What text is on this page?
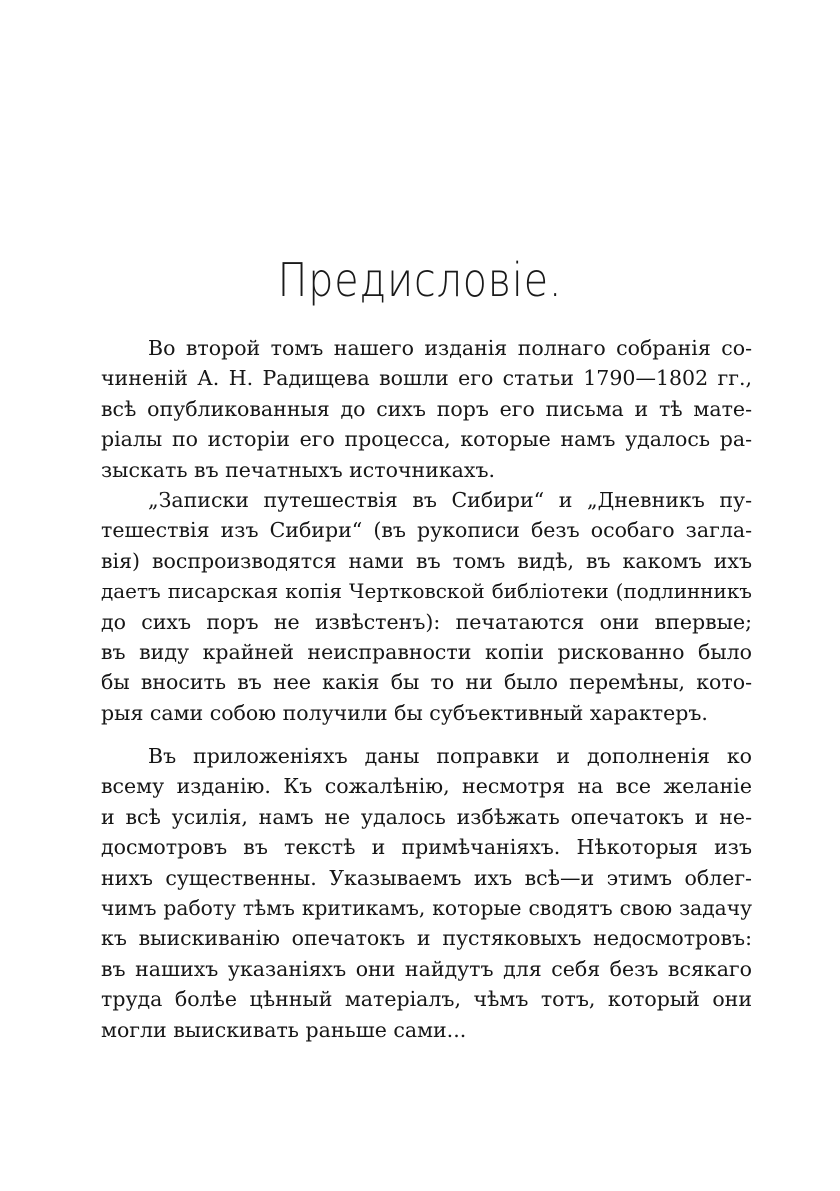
Предисловіе.
Во второй томъ нашего изданія полнаго собранія со-
чиненій А. Н. Радищева вошли его статьи 1790—1802 гг.,
всѣ опубликованныя до сихъ поръ его письма и тѣ мате-
ріалы по исторіи его процесса, которые намъ удалось ра-
зыскать въ печатныхъ источникахъ.
„Записки путешествія въ Сибири“ и „Дневникъ пу-
тешествія изъ Сибири“ (въ рукописи безъ особаго загла-
вія) воспроизводятся нами въ томъ видѣ, въ какомъ ихъ
даетъ писарская копія Чертковской библіотеки (подлинникъ
до сихъ поръ не извѣстенъ): печатаются они впервые;
въ виду крайней неисправности копіи рискованно было
бы вносить въ нее какія бы то ни было перемѣны, кото-
рыя сами собою получили бы субъективный характеръ.
Въ приложеніяхъ даны поправки и дополненія ко
всему изданію. Къ сожалѣнію, несмотря на все желаніе
и всѣ усилія, намъ не удалось избѣжать опечатокъ и не-
досмотровъ въ текстѣ и примѣчаніяхъ. Нѣкоторыя изъ
нихъ существенны. Указываемъ ихъ всѣ—и этимъ облег-
чимъ работу тѣмъ критикамъ, которые сводятъ свою задачу
къ выискиванію опечатокъ и пустяковыхъ недосмотровъ:
въ нашихъ указаніяхъ они найдутъ для себя безъ всякаго
труда болѣе цѣнный матеріалъ, чѣмъ тотъ, который они
могли выискивать раньше сами...
